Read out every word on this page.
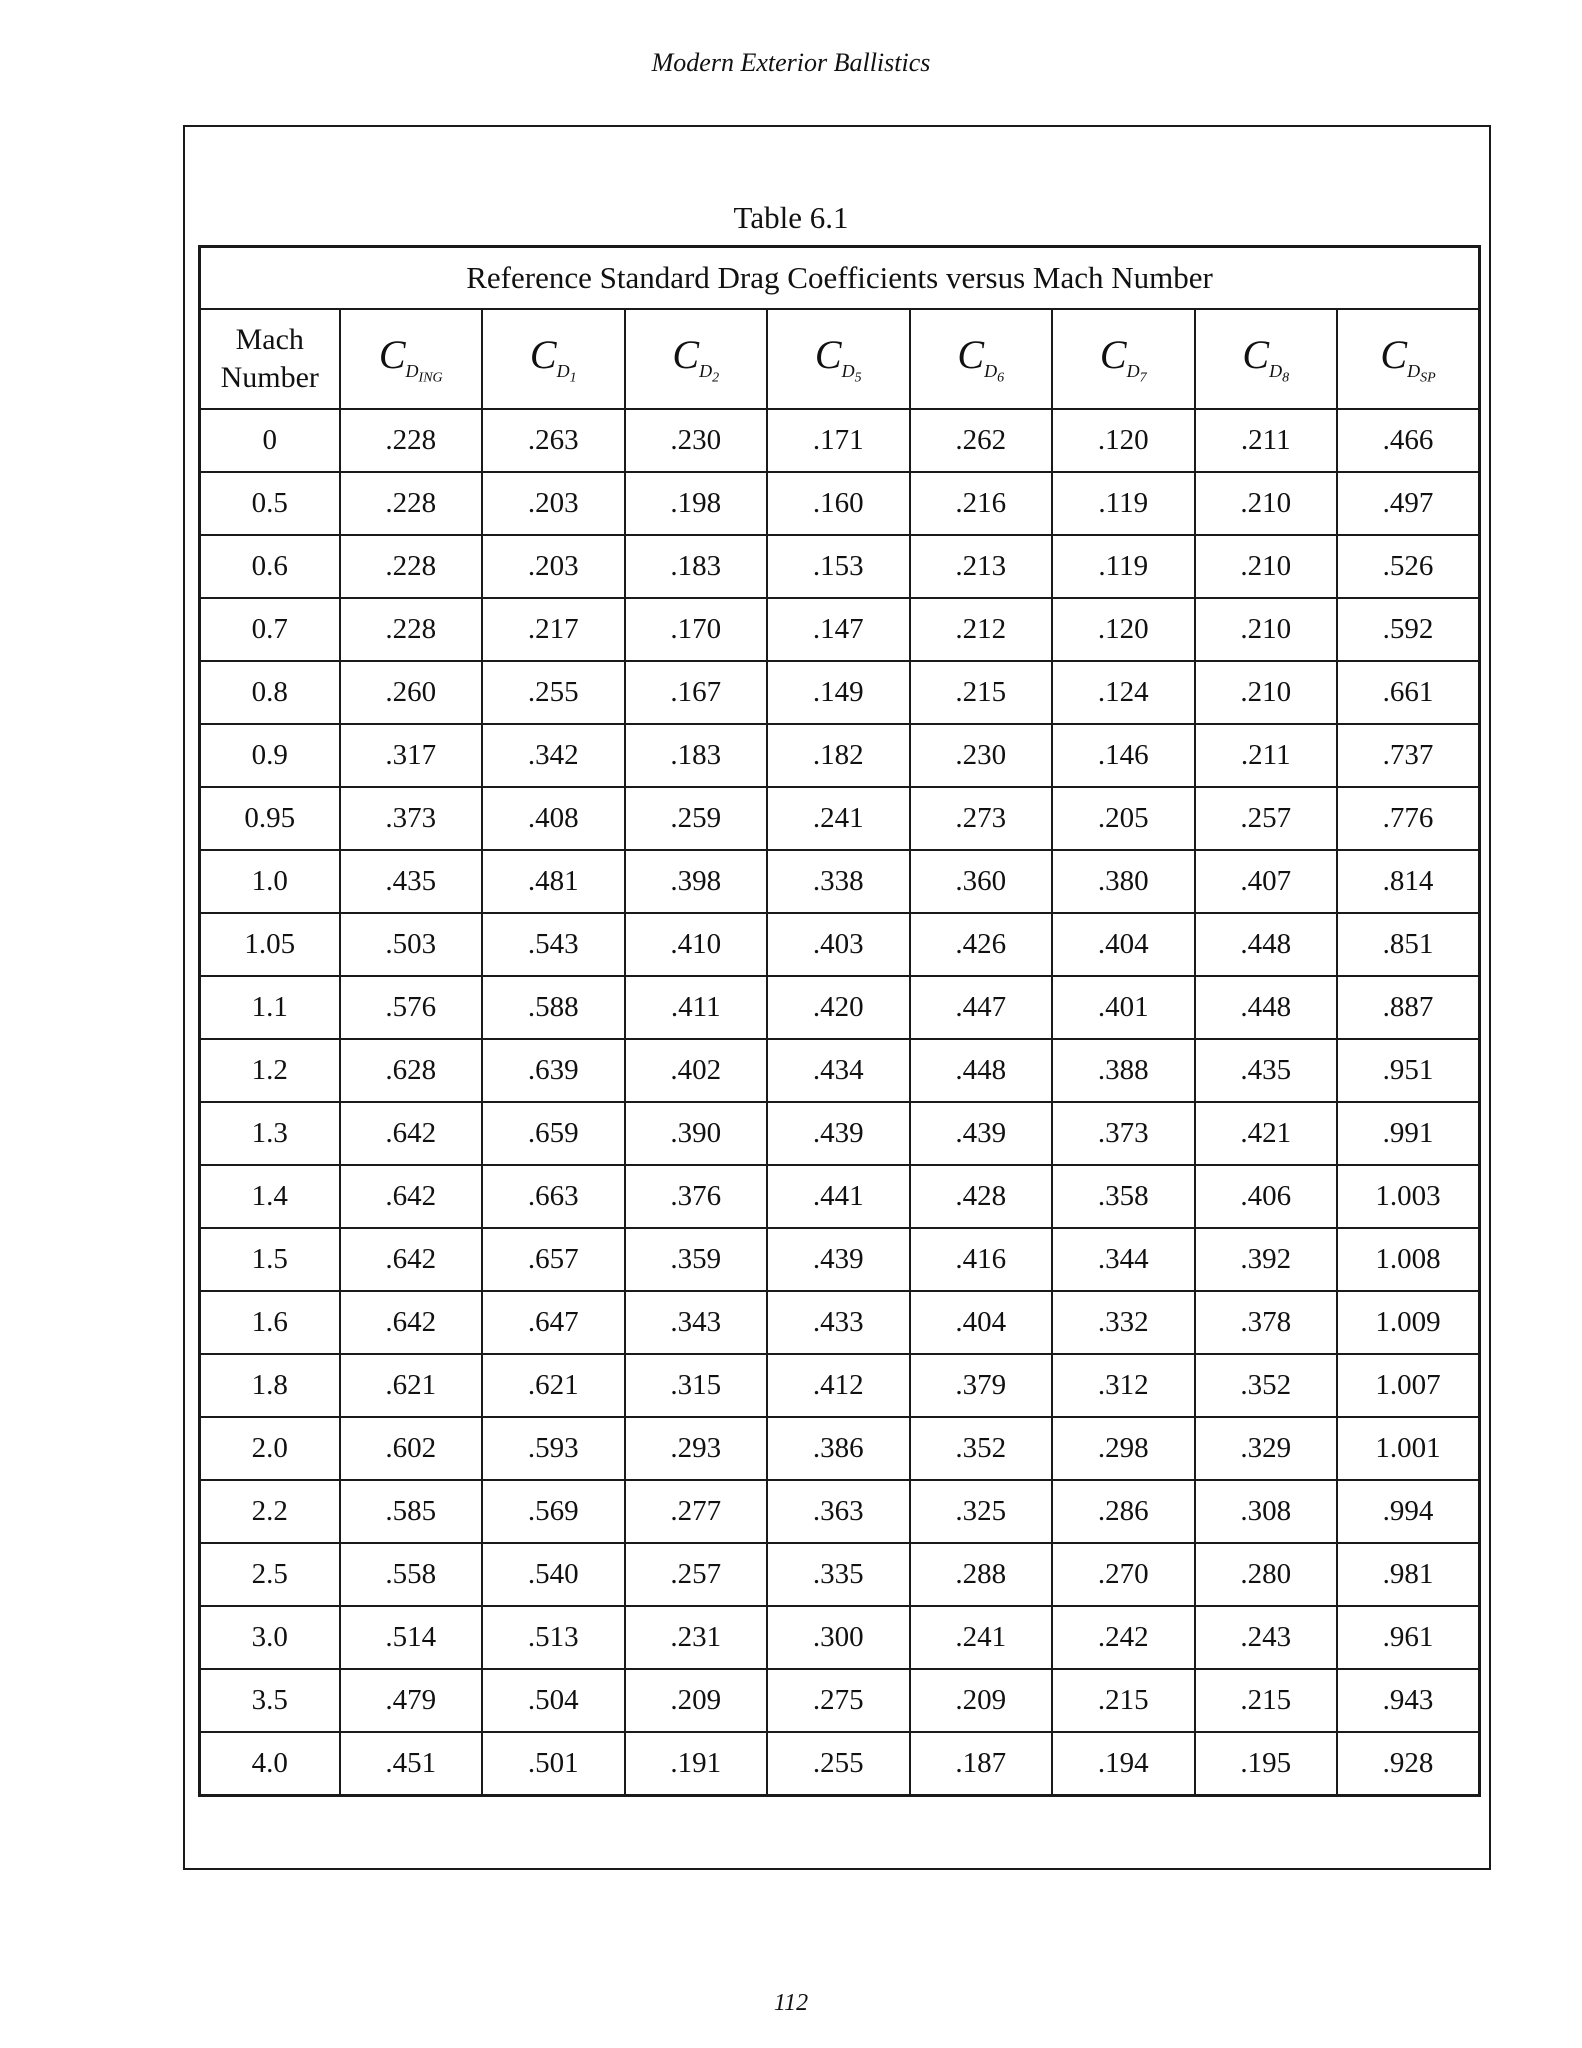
Modern Exterior Ballistics
Table 6.1
Reference Standard Drag Coefficients versus Mach Number								
Mach
Number	$C_{D_{ING}}$	$C_{D_1}$	$C_{D_2}$	$C_{D_5}$	$C_{D_6}$	$C_{D_7}$	$C_{D_8}$	$C_{D_{SP}}$
0	.228	.263	.230	.171	.262	.120	.211	.466
0.5	.228	.203	.198	.160	.216	.119	.210	.497
0.6	.228	.203	.183	.153	.213	.119	.210	.526
0.7	.228	.217	.170	.147	.212	.120	.210	.592
0.8	.260	.255	.167	.149	.215	.124	.210	.661
0.9	.317	.342	.183	.182	.230	.146	.211	.737
0.95	.373	.408	.259	.241	.273	.205	.257	.776
1.0	.435	.481	.398	.338	.360	.380	.407	.814
1.05	.503	.543	.410	.403	.426	.404	.448	.851
1.1	.576	.588	.411	.420	.447	.401	.448	.887
1.2	.628	.639	.402	.434	.448	.388	.435	.951
1.3	.642	.659	.390	.439	.439	.373	.421	.991
1.4	.642	.663	.376	.441	.428	.358	.406	1.003
1.5	.642	.657	.359	.439	.416	.344	.392	1.008
1.6	.642	.647	.343	.433	.404	.332	.378	1.009
1.8	.621	.621	.315	.412	.379	.312	.352	1.007
2.0	.602	.593	.293	.386	.352	.298	.329	1.001
2.2	.585	.569	.277	.363	.325	.286	.308	.994
2.5	.558	.540	.257	.335	.288	.270	.280	.981
3.0	.514	.513	.231	.300	.241	.242	.243	.961
3.5	.479	.504	.209	.275	.209	.215	.215	.943
4.0	.451	.501	.191	.255	.187	.194	.195	.928
112
